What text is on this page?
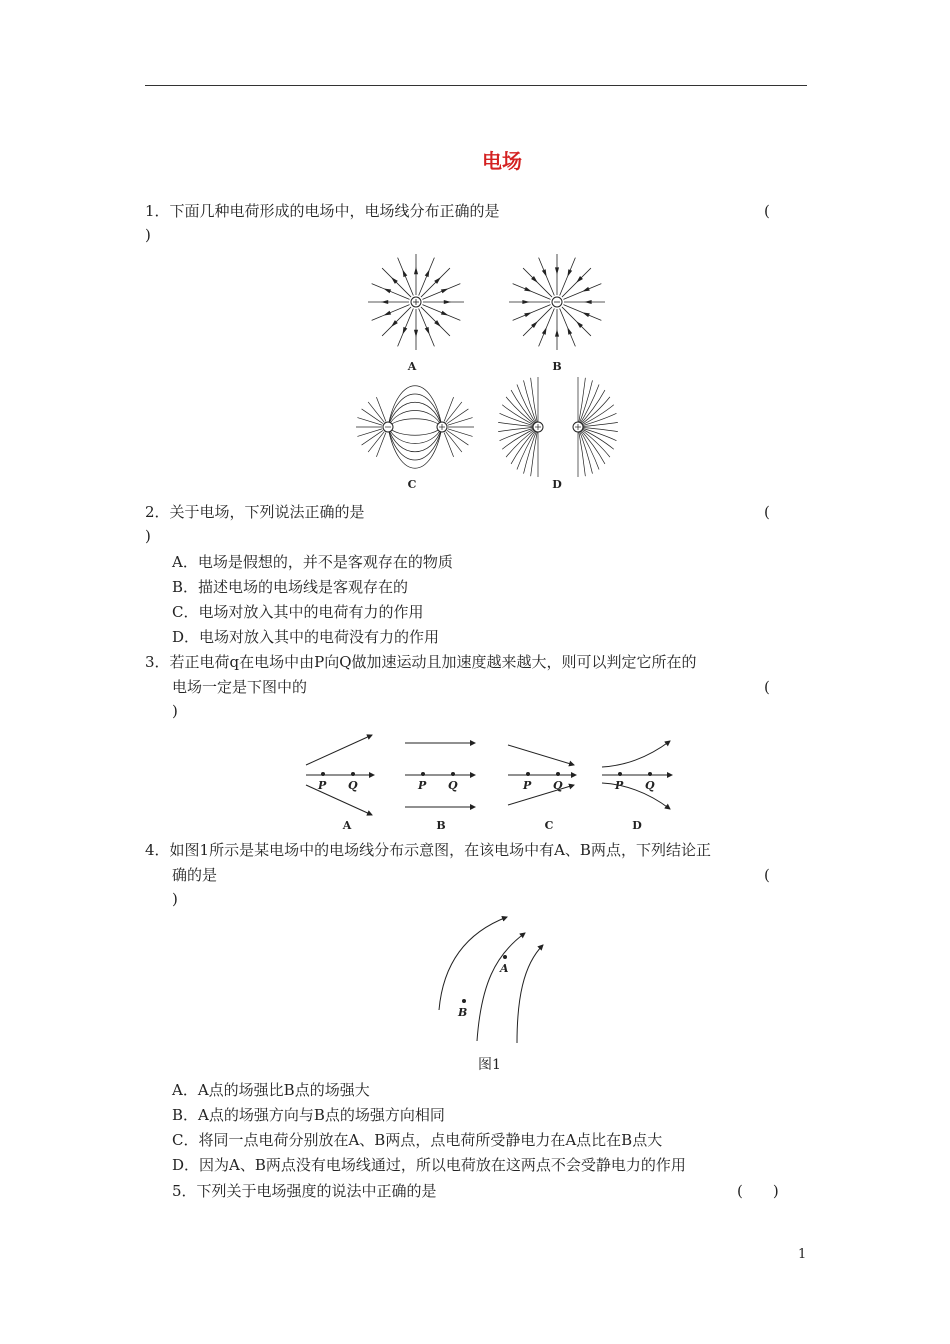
电场
1．下面几种电荷形成的电场中，电场线分布正确的是	(
)
A	B
C	D
2．关于电场，下列说法正确的是	(
)
A．电场是假想的，并不是客观存在的物质
B．描述电场的电场线是客观存在的
C．电场对放入其中的电荷有力的作用
D．电场对放入其中的电荷没有力的作用
3．若正电荷q在电场中由P向Q做加速运动且加速度越来越大，则可以判定它所在的
电场一定是下图中的	(
)
P Q	P Q	P Q	P Q
A	B	C	D
4．如图1所示是某电场中的电场线分布示意图，在该电场中有A、B两点，下列结论正
确的是	(
)
A
B
图1
A．A点的场强比B点的场强大
B．A点的场强方向与B点的场强方向相同
C．将同一点电荷分别放在A、B两点，点电荷所受静电力在A点比在B点大
D．因为A、B两点没有电场线通过，所以电荷放在这两点不会受静电力的作用
5．下列关于电场强度的说法中正确的是	(　　)
1
